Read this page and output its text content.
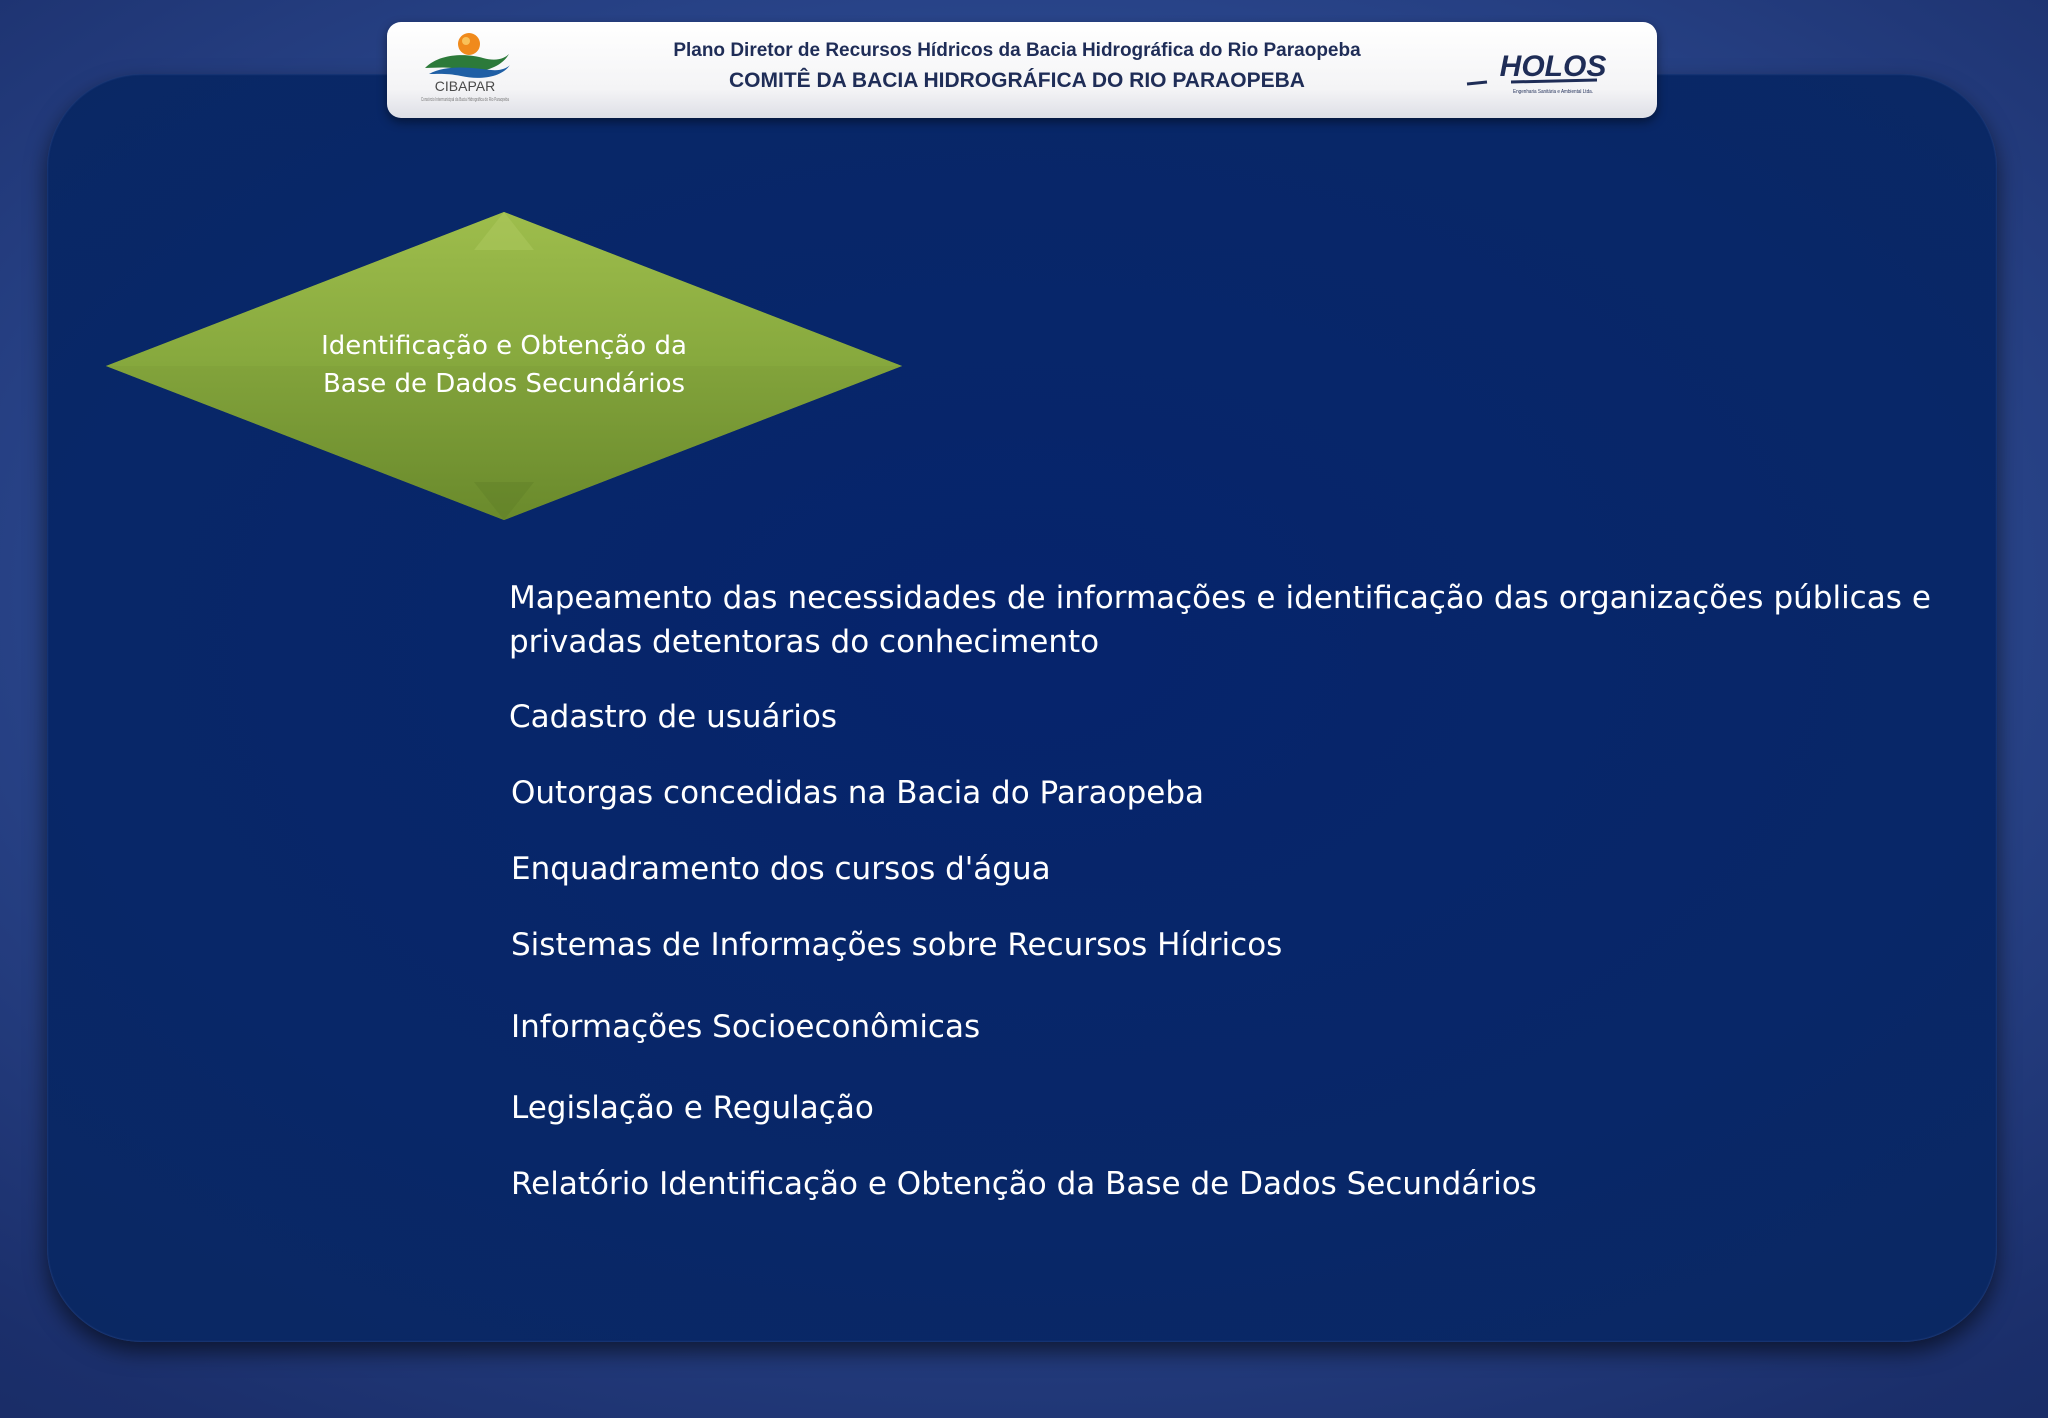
CIBAPAR
Consórcio Intermunicipal da Bacia Hidrográfica do Rio Paraopeba
Plano Diretor de Recursos Hídricos da Bacia Hidrográfica do Rio Paraopeba
COMITÊ DA BACIA HIDROGRÁFICA DO RIO PARAOPEBA	HOLOS
Engenharia Sanitária e Ambiental Ltda.
Identificação e Obtenção da
Base de Dados Secundários
Mapeamento das necessidades de informações e identificação das organizações públicas e privadas detentoras do conhecimento
Cadastro de usuários
Outorgas concedidas na Bacia do Paraopeba
Enquadramento dos cursos d'água
Sistemas de Informações sobre Recursos Hídricos
Informações Socioeconômicas
Legislação e Regulação
Relatório Identificação e Obtenção da Base de Dados Secundários
